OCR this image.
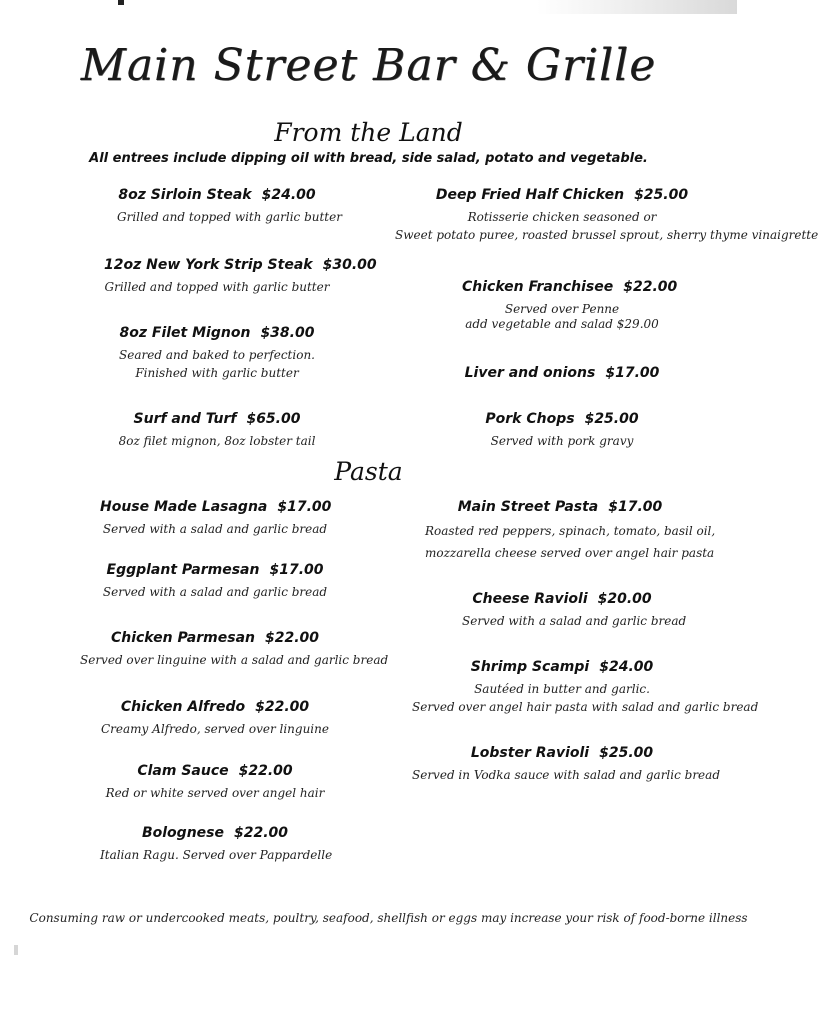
Main Street Bar & Grille
From the Land
All entrees include dipping oil with bread, side salad, potato and vegetable.
8oz Sirloin Steak $24.00
Grilled and topped with garlic butter
12oz New York Strip Steak $30.00
Grilled and topped with garlic butter
8oz Filet Mignon $38.00
Seared and baked to perfection.
Finished with garlic butter
Surf and Turf $65.00
8oz filet mignon, 8oz lobster tail
Deep Fried Half Chicken $25.00
Rotisserie chicken seasoned or
Sweet potato puree, roasted brussel sprout, sherry thyme vinaigrette
Chicken Franchisee $22.00
Served over Penne
add vegetable and salad $29.00
Liver and onions $17.00
Pork Chops $25.00
Served with pork gravy
Pasta
House Made Lasagna $17.00
Served with a salad and garlic bread
Eggplant Parmesan $17.00
Served with a salad and garlic bread
Chicken Parmesan $22.00
Served over linguine with a salad and garlic bread
Chicken Alfredo $22.00
Creamy Alfredo, served over linguine
Clam Sauce $22.00
Red or white served over angel hair
Bolognese $22.00
Italian Ragu. Served over Pappardelle
Main Street Pasta $17.00
Roasted red peppers, spinach, tomato, basil oil,
mozzarella cheese served over angel hair pasta
Cheese Ravioli $20.00
Served with a salad and garlic bread
Shrimp Scampi $24.00
Sautéed in butter and garlic.
Served over angel hair pasta with salad and garlic bread
Lobster Ravioli $25.00
Served in Vodka sauce with salad and garlic bread
Consuming raw or undercooked meats, poultry, seafood, shellfish or eggs may increase your risk of food-borne illness
